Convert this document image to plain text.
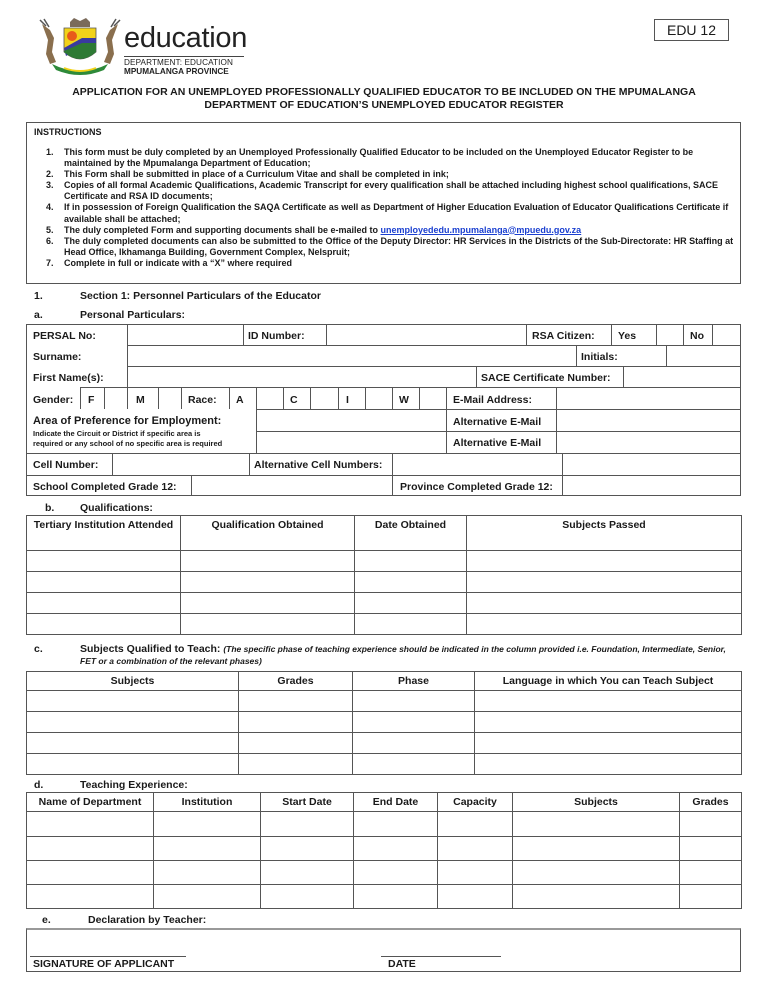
education
DEPARTMENT: EDUCATION
MPUMALANGA PROVINCE
EDU 12
APPLICATION FOR AN UNEMPLOYED PROFESSIONALLY QUALIFIED EDUCATOR TO BE INCLUDED ON THE MPUMALANGA
DEPARTMENT OF EDUCATION’S UNEMPLOYED EDUCATOR REGISTER
INSTRUCTIONS
1. This form must be duly completed by an Unemployed Professionally Qualified Educator to be included on the Unemployed Educator Register to be maintained by the Mpumalanga Department of Education;
2. This Form shall be submitted in place of a Curriculum Vitae and shall be completed in ink;
3. Copies of all formal Academic Qualifications, Academic Transcript for every qualification shall be attached including highest school qualifications, SACE Certificate and RSA ID documents;
4. If in possession of Foreign Qualification the SAQA Certificate as well as Department of Higher Education Evaluation of Educator Qualifications Certificate if available shall be attached;
5. The duly completed Form and supporting documents shall be e-mailed to unemployededu.mpumalanga@mpuedu.gov.za
6. The duly completed documents can also be submitted to the Office of the Deputy Director: HR Services in the Districts of the Sub-Directorate: HR Staffing at Head Office, Ikhamanga Building, Government Complex, Nelspruit;
7. Complete in full or indicate with a “X” where required
1.	Section 1: Personnel Particulars of the Educator
a.	Personal Particulars:
PERSAL No:	ID Number:	RSA Citizen: Yes	No
Surname:	Initials:
First Name(s):	SACE Certificate Number:
Gender: F	M	Race: A	C	I	W	E-Mail Address:
Area of Preference for Employment:
Indicate the Circuit or District if specific area is
required or any school of no specific area is required
Alternative E-Mail
Alternative E-Mail
Cell Number:	Alternative Cell Numbers:
School Completed Grade 12:	Province Completed Grade 12:
b. Qualifications:
Tertiary Institution Attended	Qualification Obtained	Date Obtained	Subjects Passed

c.	Subjects Qualified to Teach: (The specific phase of teaching experience should be indicated in the column provided i.e. Foundation, Intermediate, Senior, FET or a combination of the relevant phases)
Subjects	Grades	Phase	Language in which You can Teach Subject

d.	Teaching Experience:
Name of Department	Institution	Start Date	End Date	Capacity	Subjects	Grades

e.	Declaration by Teacher:
SIGNATURE OF APPLICANT	DATE
